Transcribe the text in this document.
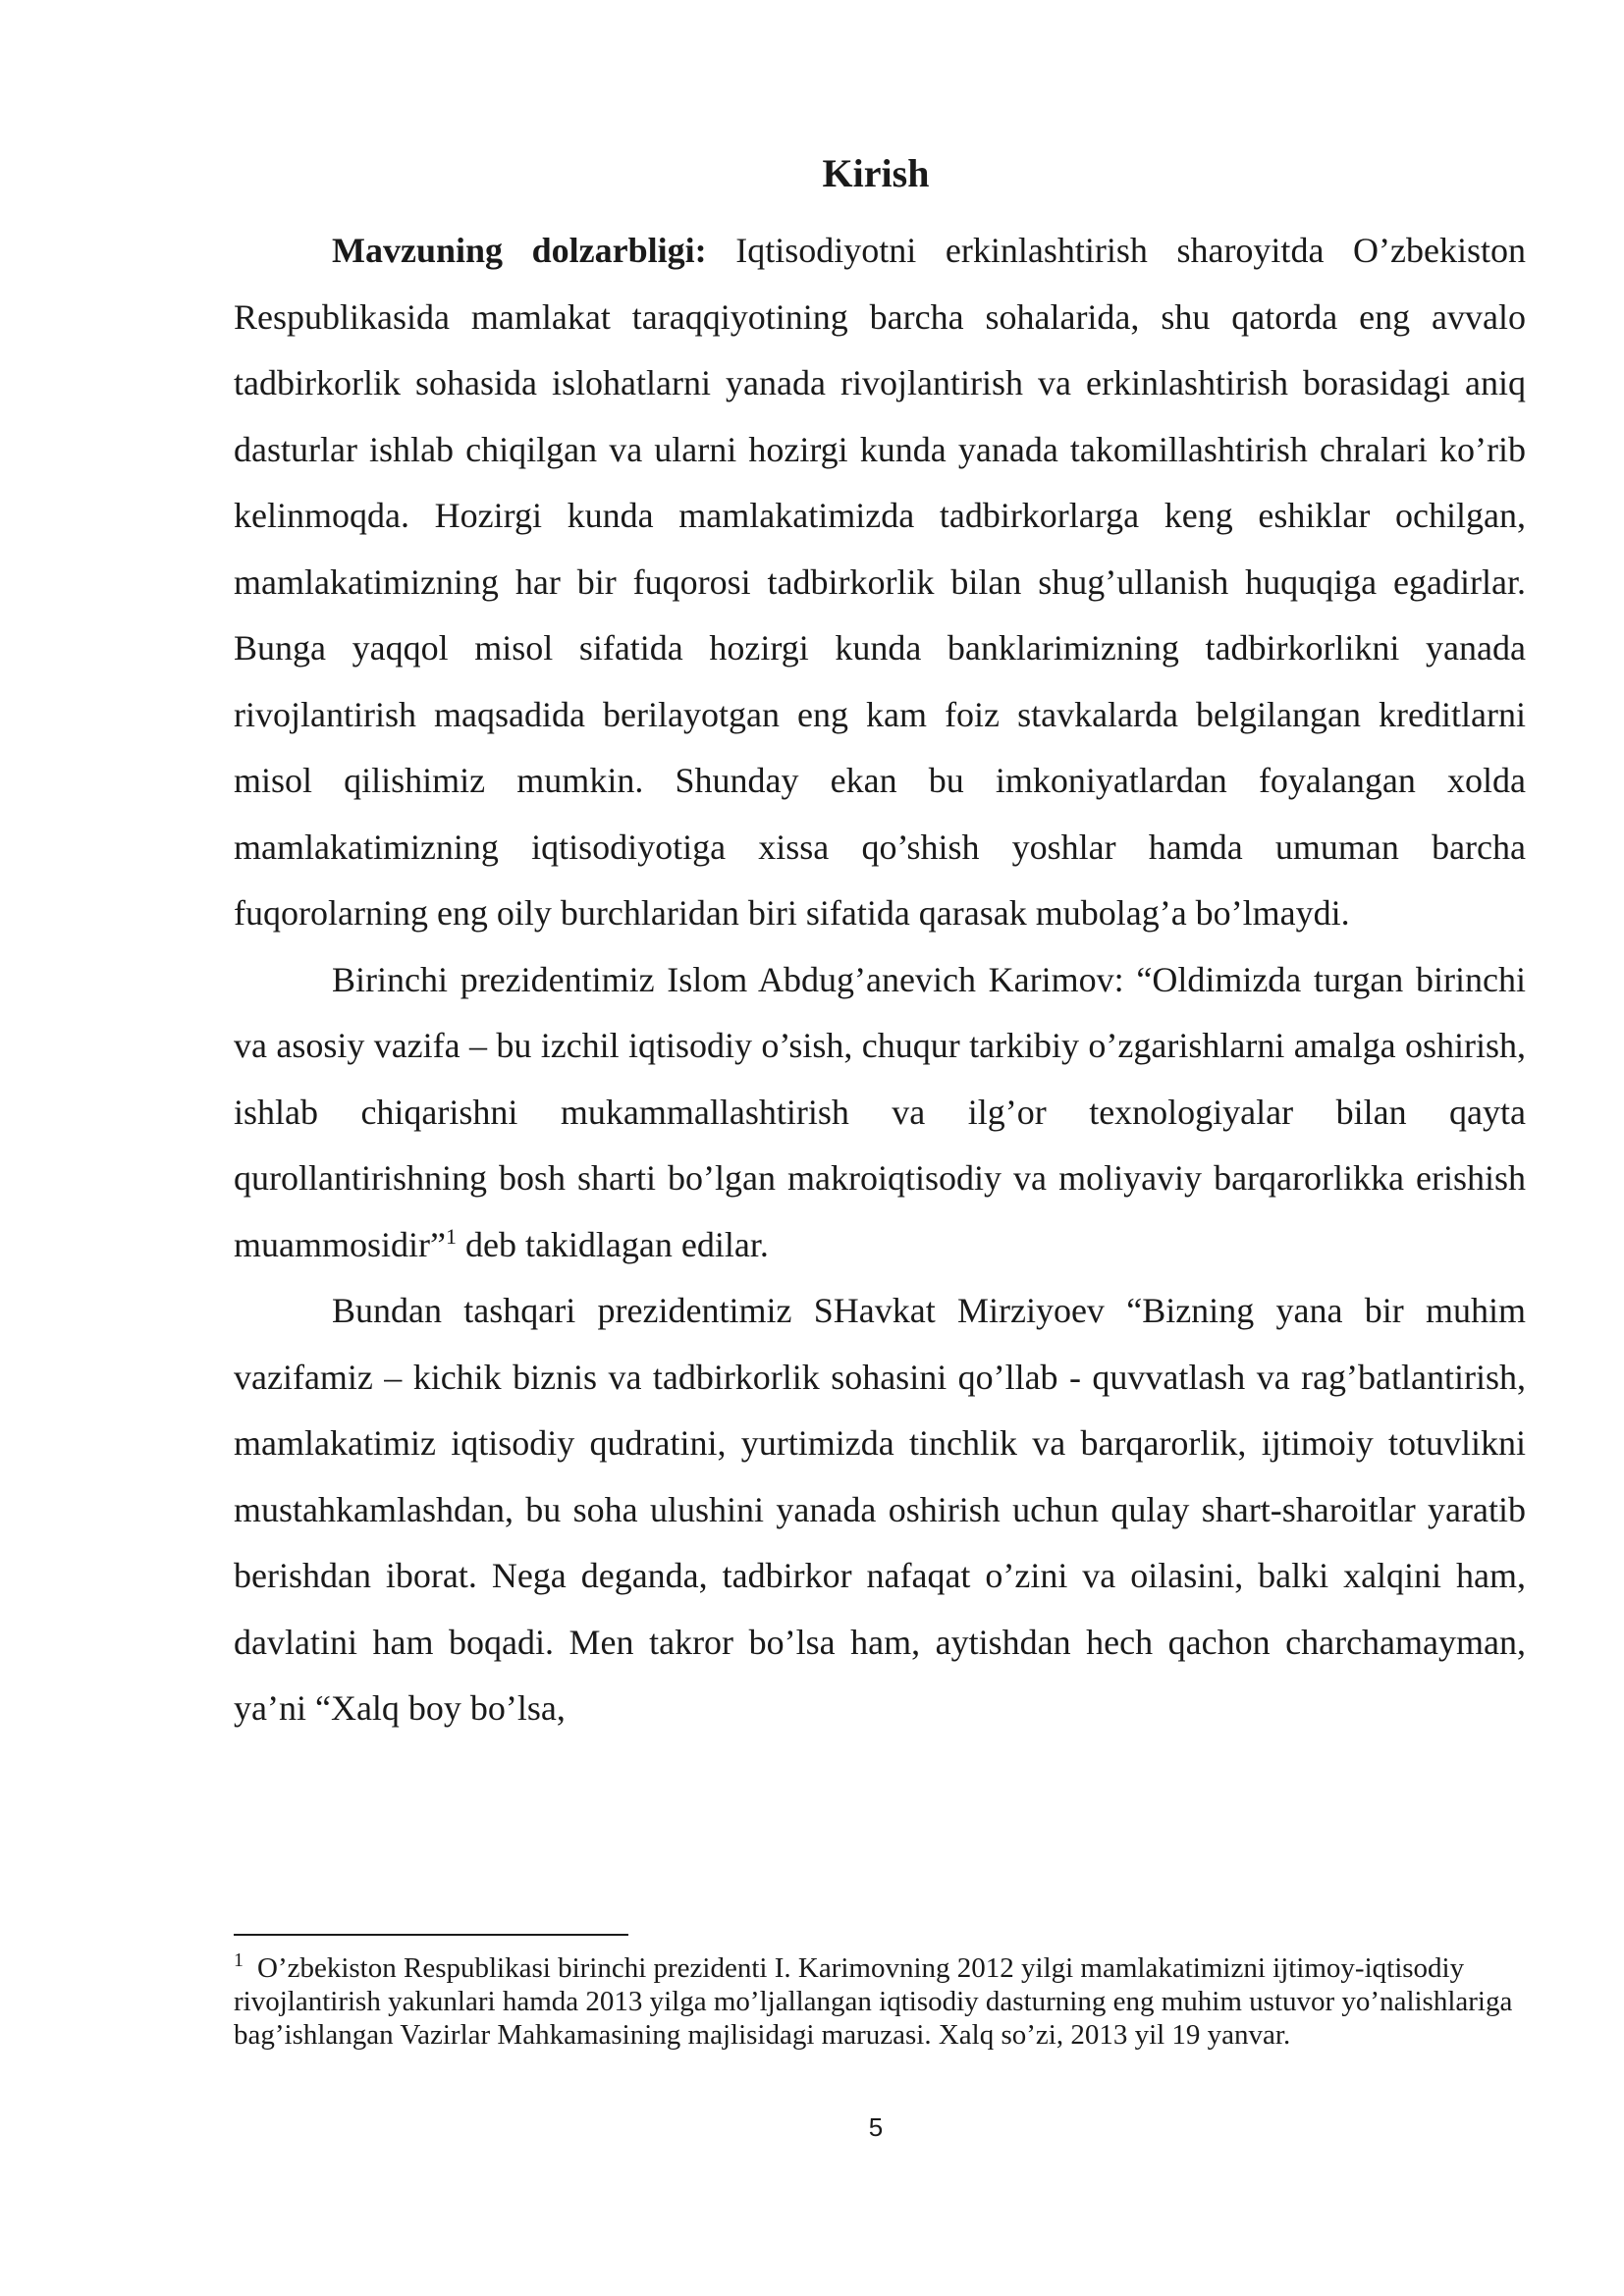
Kirish

Mavzuning dolzarbligi: Iqtisodiyotni erkinlashtirish sharoyitda O’zbekiston Respublikasida mamlakat taraqqiyotining barcha sohalarida, shu qatorda eng avvalo tadbirkorlik sohasida islohatlarni yanada rivojlantirish va erkinlashtirish borasidagi aniq dasturlar ishlab chiqilgan va ularni hozirgi kunda yanada takomillashtirish chralari ko’rib kelinmoqda. Hozirgi kunda mamlakatimizda tadbirkorlarga keng eshiklar ochilgan, mamlakatimizning har bir fuqorosi tadbirkorlik bilan shug’ullanish huquqiga egadirlar. Bunga yaqqol misol sifatida hozirgi kunda banklarimizning tadbirkorlikni yanada rivojlantirish maqsadida berilayotgan eng kam foiz stavkalarda belgilangan kreditlarni misol qilishimiz mumkin. Shunday ekan bu imkoniyatlardan foyalangan xolda mamlakatimizning iqtisodiyotiga xissa qo’shish yoshlar hamda umuman barcha fuqorolarning eng oily burchlaridan biri sifatida qarasak mubolag’a bo’lmaydi.

Birinchi prezidentimiz Islom Abdug’anevich Karimov: “Oldimizda turgan birinchi va asosiy vazifa – bu izchil iqtisodiy o’sish, chuqur tarkibiy o’zgarishlarni amalga oshirish, ishlab chiqarishni mukammallashtirish va ilg’or texnologiyalar bilan qayta qurollantirishning bosh sharti bo’lgan makroiqtisodiy va moliyaviy barqarorlikka erishish muammosidir”$^1$ deb takidlagan edilar.

Bundan tashqari prezidentimiz SHavkat Mirziyoev “Bizning yana bir muhim vazifamiz – kichik biznis va tadbirkorlik sohasini qo’llab - quvvatlash va rag’batlantirish, mamlakatimiz iqtisodiy qudratini, yurtimizda tinchlik va barqarorlik, ijtimoiy totuvlikni mustahkamlashdan, bu soha ulushini yanada oshirish uchun qulay shart-sharoitlar yaratib berishdan iborat. Nega deganda, tadbirkor nafaqat o’zini va oilasini, balki xalqini ham, davlatini ham boqadi. Men takror bo’lsa ham, aytishdan hech qachon charchamayman, ya’ni “Xalq boy bo’lsa,

$^1$ O’zbekiston Respublikasi birinchi prezidenti I. Karimovning 2012 yilgi mamlakatimizni ijtimoy-iqtisodiy rivojlantirish yakunlari hamda 2013 yilga mo’ljallangan iqtisodiy dasturning eng muhim ustuvor yo’nalishlariga bag’ishlangan Vazirlar Mahkamasining majlisidagi maruzasi. Xalq so’zi, 2013 yil 19 yanvar.

5
